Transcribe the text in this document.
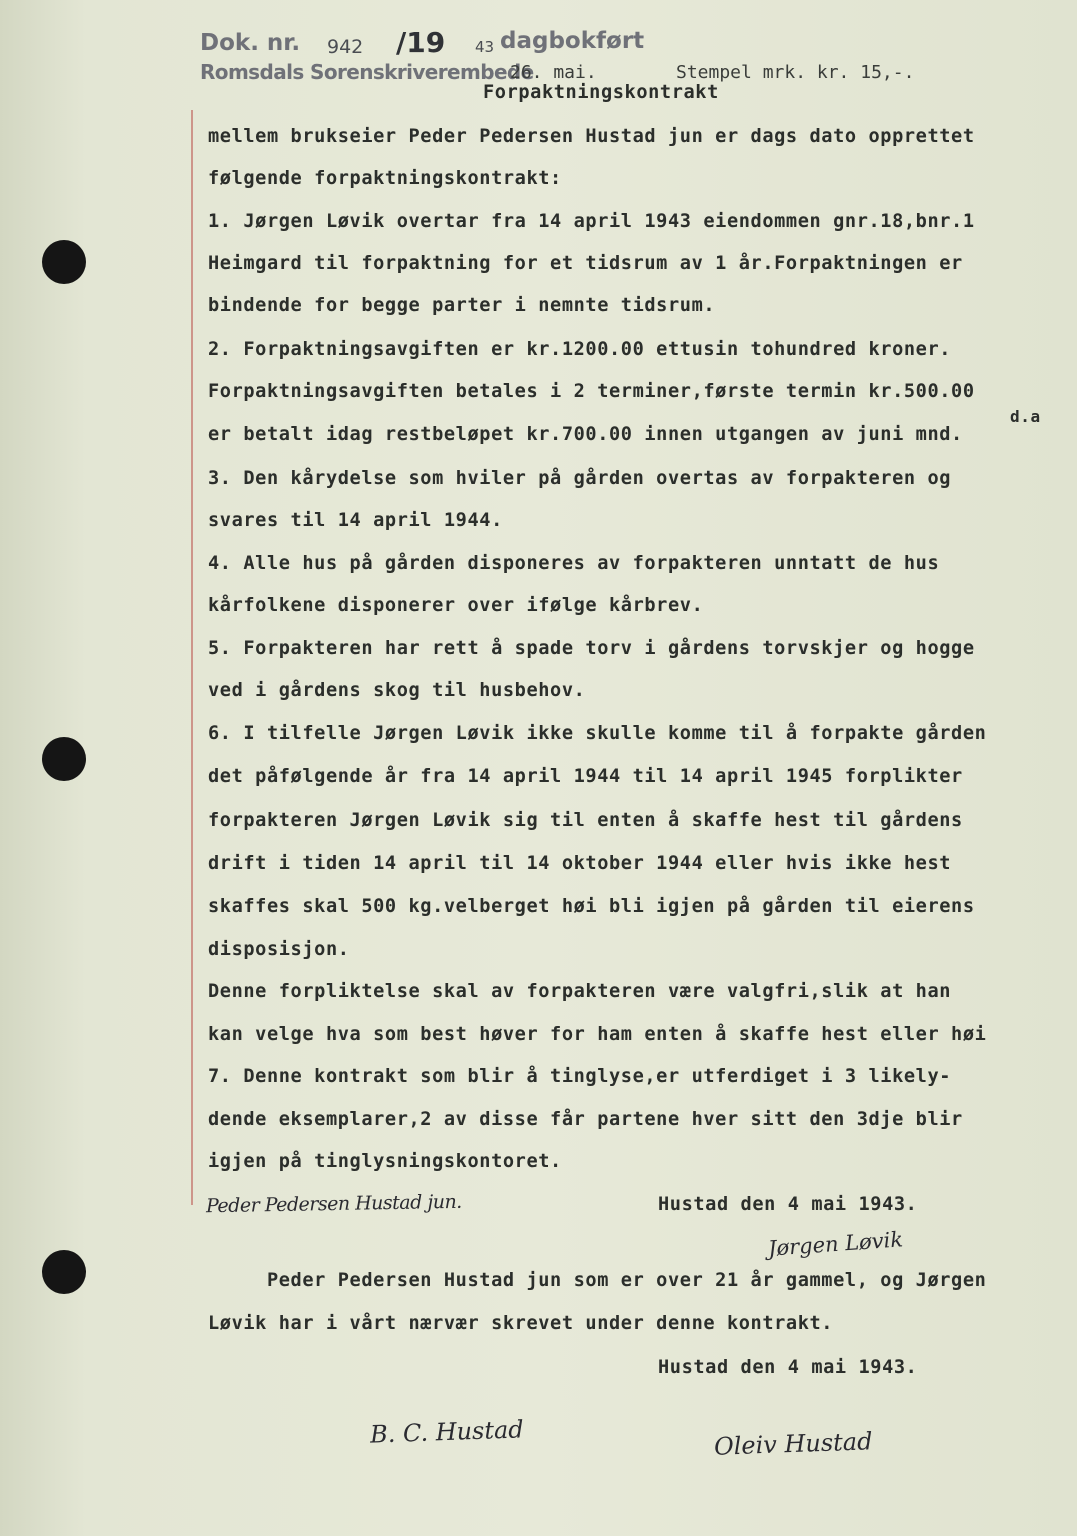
Dok. nr. 942 /19 43 dagbokført
Romsdals Sorenskriverembede
26. mai.	Stempel mrk. kr. 15,-.
Forpaktningskontrakt
mellem brukseier Peder Pedersen Hustad jun er dags dato opprettet
følgende forpaktningskontrakt:
1. Jørgen Løvik overtar fra 14 april 1943 eiendommen gnr.18,bnr.1
Heimgard til forpaktning for et tidsrum av 1 år.Forpaktningen er
bindende for begge parter i nemnte tidsrum.
2. Forpaktningsavgiften er kr.1200.00 ettusin tohundred kroner.
Forpaktningsavgiften betales i 2 terminer,første termin kr.500.00
d.a
er betalt idag restbeløpet kr.700.00 innen utgangen av juni mnd.
3. Den kårydelse som hviler på gården overtas av forpakteren og
svares til 14 april 1944.
4. Alle hus på gården disponeres av forpakteren unntatt de hus
kårfolkene disponerer over ifølge kårbrev.
5. Forpakteren har rett å spade torv i gårdens torvskjer og hogge
ved i gårdens skog til husbehov.
6. I tilfelle Jørgen Løvik ikke skulle komme til å forpakte gården
det påfølgende år fra 14 april 1944 til 14 april 1945 forplikter
forpakteren Jørgen Løvik sig til enten å skaffe hest til gårdens
drift i tiden 14 april til 14 oktober 1944 eller hvis ikke hest
skaffes skal 500 kg.velberget høi bli igjen på gården til eierens
disposisjon.
Denne forpliktelse skal av forpakteren være valgfri,slik at han
kan velge hva som best høver for ham enten å skaffe hest eller høi
7. Denne kontrakt som blir å tinglyse,er utferdiget i 3 likely-
dende eksemplarer,2 av disse får partene hver sitt den 3dje blir
igjen på tinglysningskontoret.
Peder Pedersen Hustad jun.	Hustad den 4 mai 1943.
Jørgen Løvik
Peder Pedersen Hustad jun som er over 21 år gammel, og Jørgen
Løvik har i vårt nærvær skrevet under denne kontrakt.
Hustad den 4 mai 1943.
B. C. Hustad	Oleiv Hustad
